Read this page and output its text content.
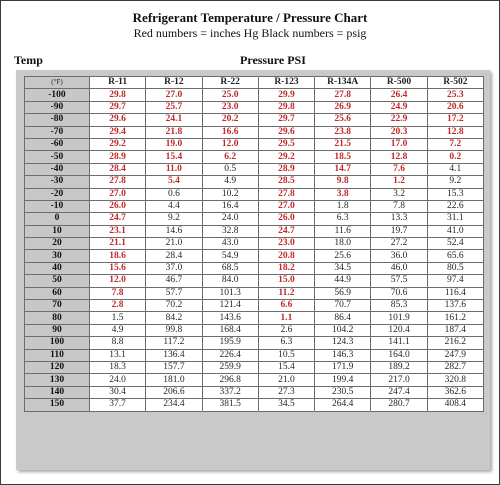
Refrigerant Temperature / Pressure Chart
Red numbers = inches Hg Black numbers = psig
Temp	Pressure PSI
(°F)	R-11	R-12	R-22	R-123	R-134A	R-500	R-502
-100	29.8	27.0	25.0	29.9	27.8	26.4	25.3
-90	29.7	25.7	23.0	29.8	26.9	24.9	20.6
-80	29.6	24.1	20.2	29.7	25.6	22.9	17.2
-70	29.4	21.8	16.6	29.6	23.8	20.3	12.8
-60	29.2	19.0	12.0	29.5	21.5	17.0	7.2
-50	28.9	15.4	6.2	29.2	18.5	12.8	0.2
-40	28.4	11.0	0.5	28.9	14.7	7.6	4.1
-30	27.8	5.4	4.9	28.5	9.8	1.2	9.2
-20	27.0	0.6	10.2	27.8	3.8	3.2	15.3
-10	26.0	4.4	16.4	27.0	1.8	7.8	22.6
0	24.7	9.2	24.0	26.0	6.3	13.3	31.1
10	23.1	14.6	32.8	24.7	11.6	19.7	41.0
20	21.1	21.0	43.0	23.0	18.0	27.2	52.4
30	18.6	28.4	54.9	20.8	25.6	36.0	65.6
40	15.6	37.0	68.5	18.2	34.5	46.0	80.5
50	12.0	46.7	84.0	15.0	44.9	57.5	97.4
60	7.8	57.7	101.3	11.2	56.9	70.6	116.4
70	2.8	70.2	121.4	6.6	70.7	85.3	137.6
80	1.5	84.2	143.6	1.1	86.4	101.9	161.2
90	4.9	99.8	168.4	2.6	104.2	120.4	187.4
100	8.8	117.2	195.9	6.3	124.3	141.1	216.2
110	13.1	136.4	226.4	10.5	146.3	164.0	247.9
120	18.3	157.7	259.9	15.4	171.9	189.2	282.7
130	24.0	181.0	296.8	21.0	199.4	217.0	320.8
140	30.4	206.6	337.2	27.3	230.5	247.4	362.6
150	37.7	234.4	381.5	34.5	264.4	280.7	408.4
